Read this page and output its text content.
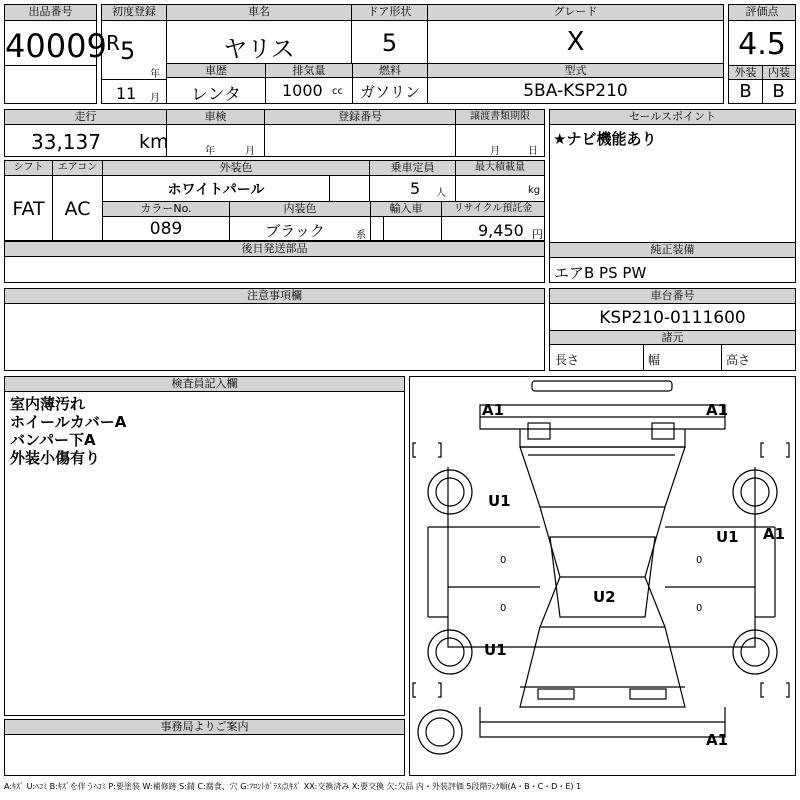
出品番号
40009
初度登録
R 5
年
11 月
車名
ヤリス
ドア形状
5
グレード
X
評価点
4.5
外装	内装
B	B
車歴
レンタ
排気量
1000 cc
燃料
ガソリン
型式
5BA-KSP210
走行
33,137 km
車検
年	月
登録番号	譲渡書類期限
月	日
シフト
FAT
エアコン
AC
外装色
ホワイトパール
乗車定員
5 人
最大積載量
kg
カラーNo.
089
内装色
ブラック	系
輸入車	リサイクル預託金
9,450 円
後日発送部品
セールスポイント
★ナビ機能あり
純正装備
エアB PS PW
注意事項欄	車台番号
KSP210-0111600
諸元
長さ	幅	高さ
検査員記入欄
室内薄汚れ
ホイールカバーA
バンパー下A
外装小傷有り
事務局よりご案内
A1	A1
U1
U1 A1
U2
U1
A1
0	0
0	0
A:ｷｽﾞ U:ﾍｺﾐ B:ｷｽﾞを伴うﾍｺﾐ P:要塗装 W:補修跡 S:錆 C:腐食、穴 G:ﾌﾛﾝﾄｶﾞﾗｽ点ｷｽﾞ XX:交換済み X:要交換 欠:欠品 内・外装評価 5段階ﾗﾝｸ順(A・B・C・D・E) 1
